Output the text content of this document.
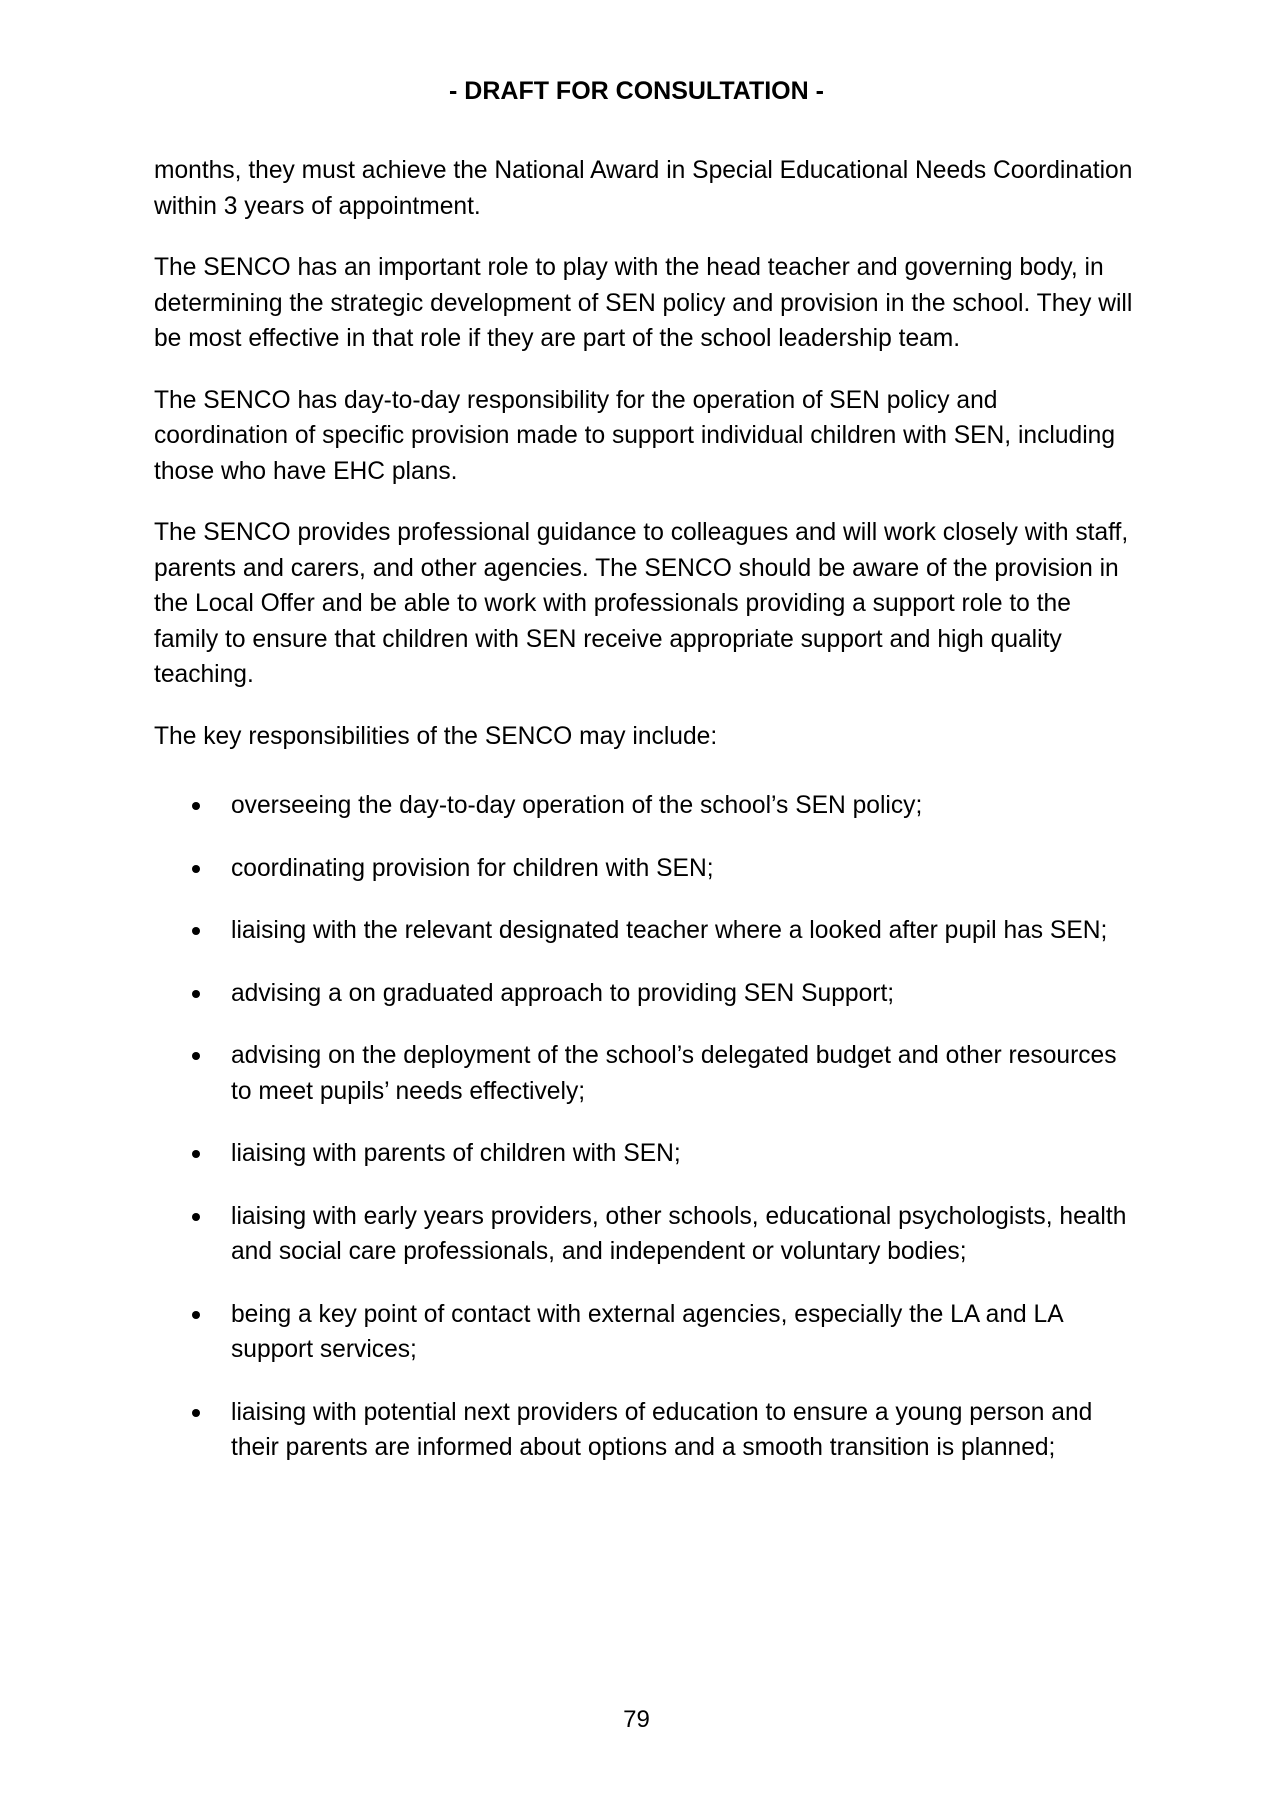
- DRAFT FOR CONSULTATION -

months, they must achieve the National Award in Special Educational Needs Coordination within 3 years of appointment.

The SENCO has an important role to play with the head teacher and governing body, in determining the strategic development of SEN policy and provision in the school. They will be most effective in that role if they are part of the school leadership team.

The SENCO has day-to-day responsibility for the operation of SEN policy and coordination of specific provision made to support individual children with SEN, including   those who have EHC plans.

The SENCO provides professional guidance to colleagues and will work closely with staff, parents and carers, and other agencies. The SENCO should be aware of the provision in the Local Offer and be able to work with professionals providing a support role to the family to ensure that children with SEN receive appropriate support and high quality teaching.

The key responsibilities of the SENCO may include:

overseeing the day-to-day operation of the school’s SEN policy;
coordinating provision for children with SEN;
liaising with the relevant designated teacher where a looked after pupil has SEN;
advising a on graduated approach to providing SEN Support;
advising on the deployment of the school’s delegated budget and other resources to meet pupils’ needs effectively;
liaising with parents of children with SEN;
liaising with early years providers, other schools, educational psychologists, health and social care professionals, and independent or voluntary bodies;
being a key point of contact with external agencies, especially the LA and LA support services;
liaising with potential next providers of education to ensure a young person and their parents are informed about options and a smooth transition is planned;
79
